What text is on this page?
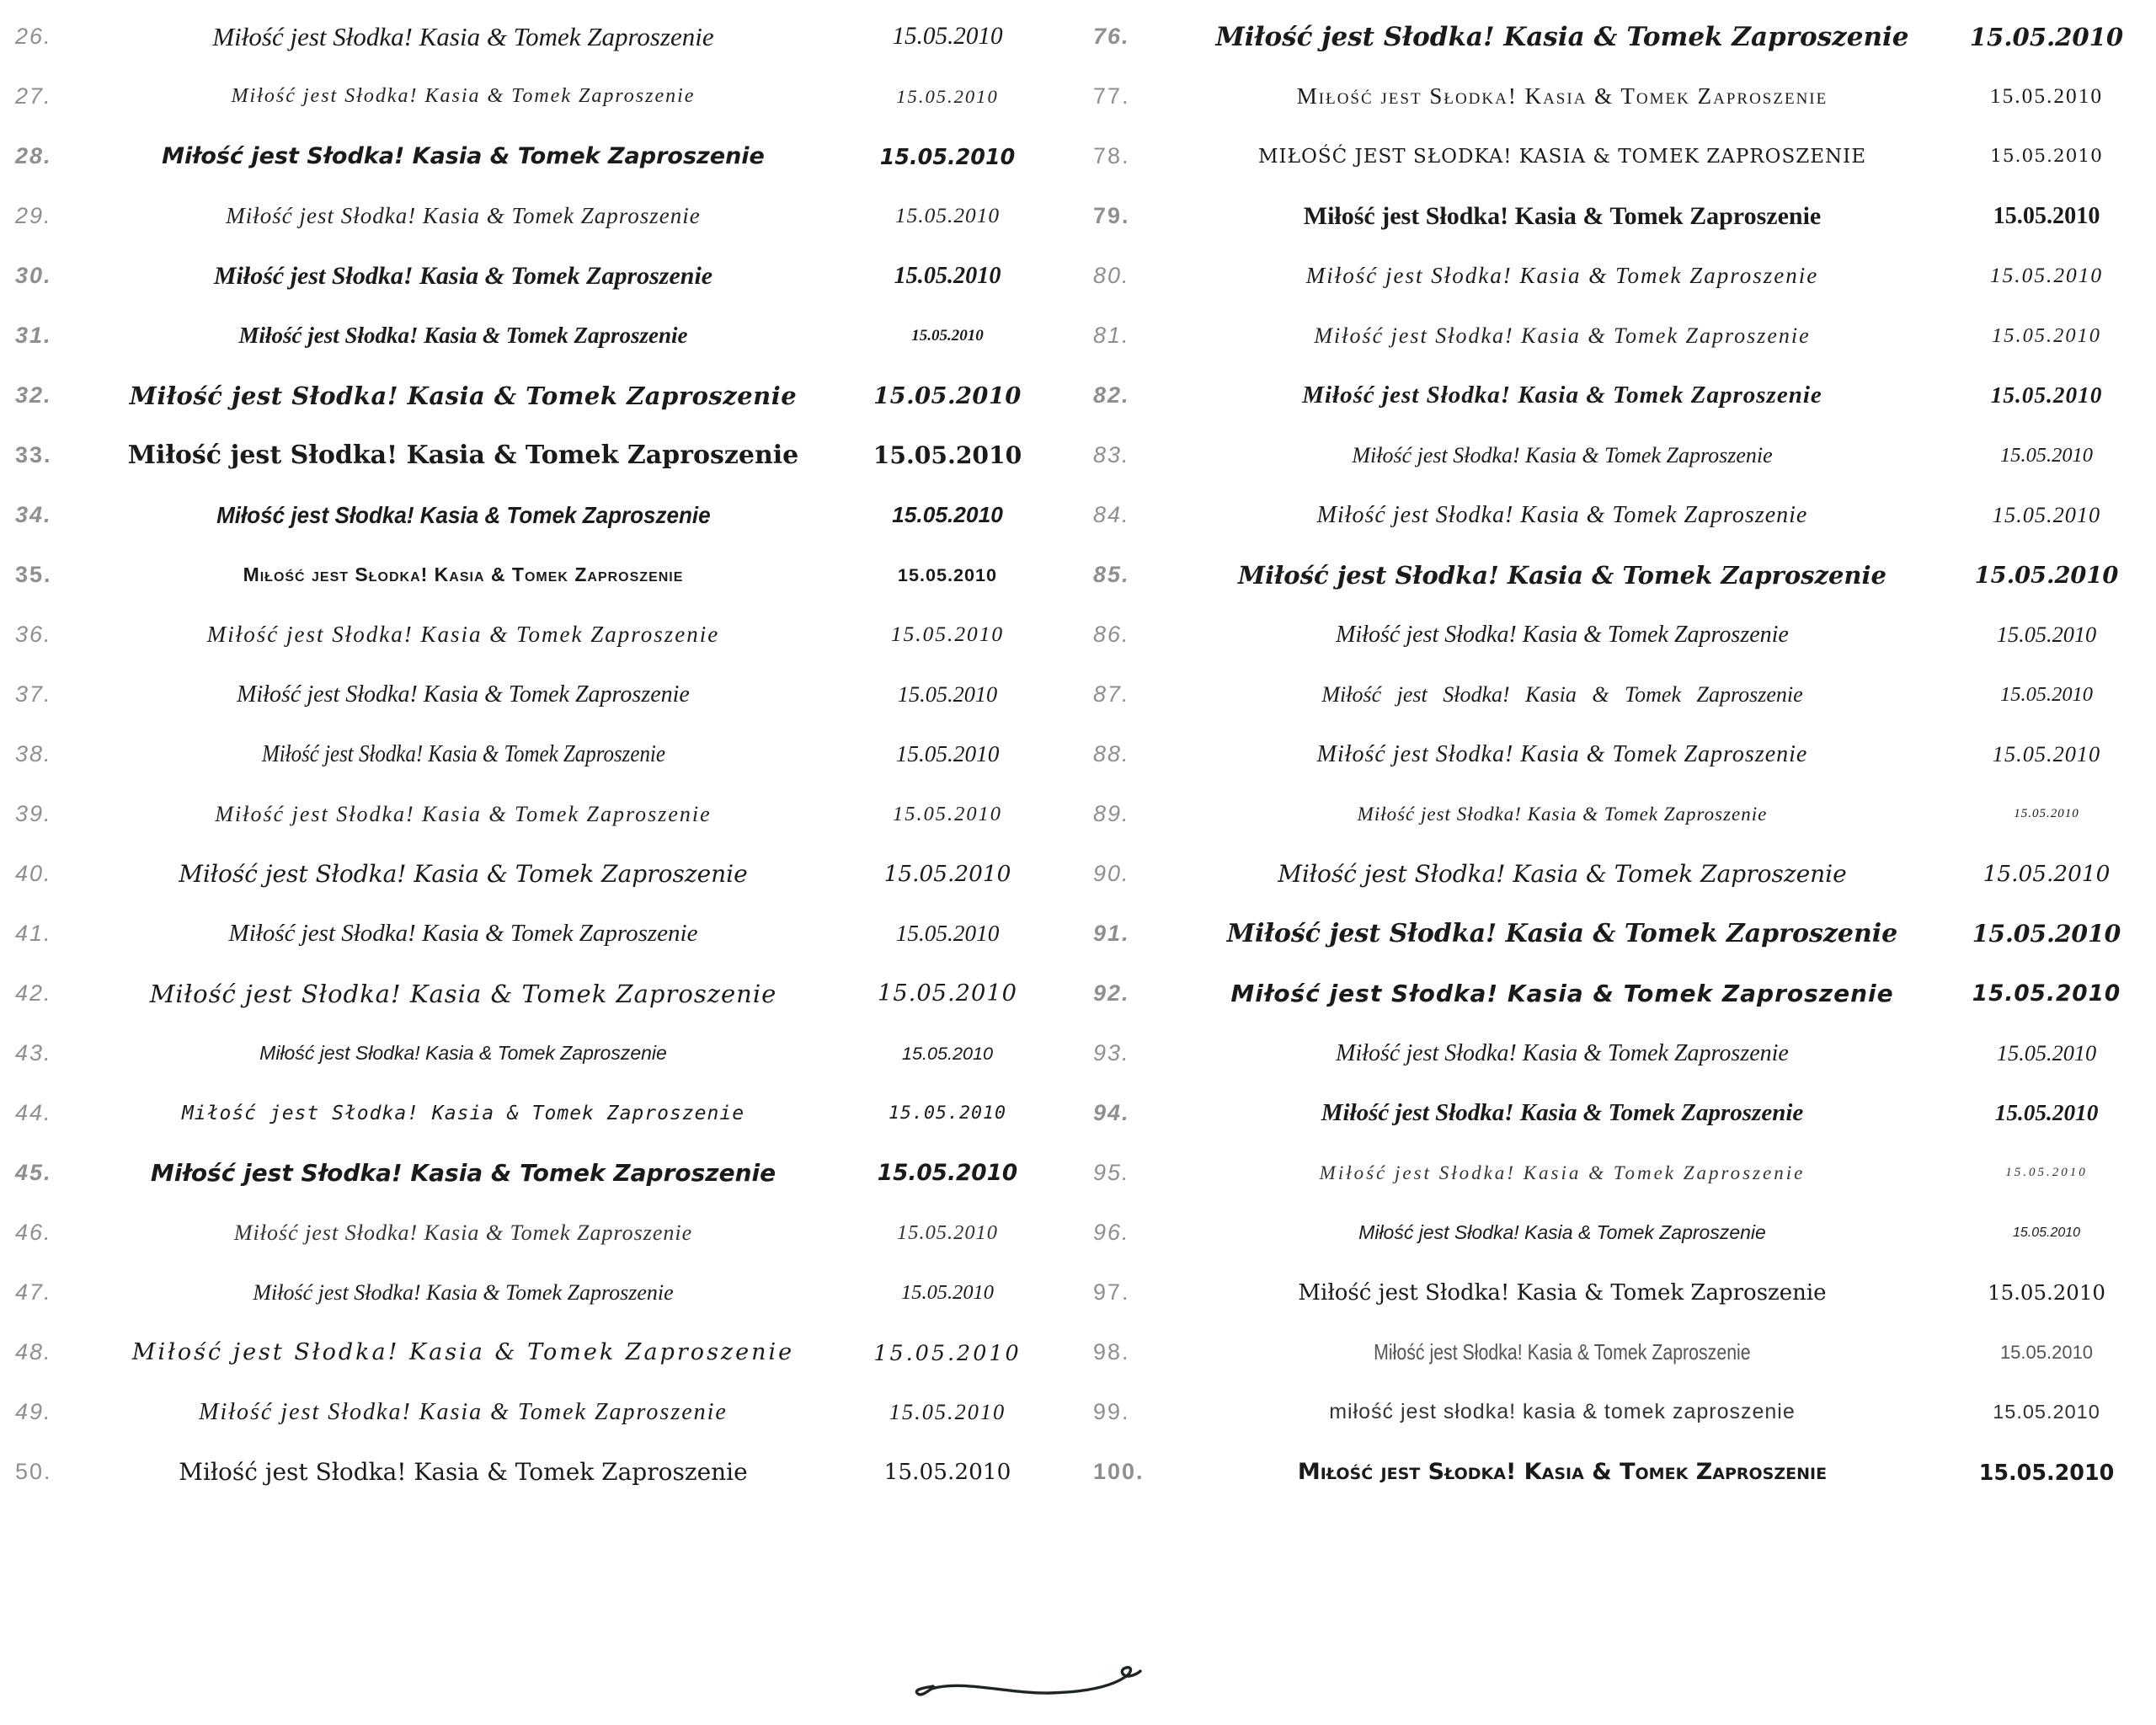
26.	Miłość jest Słodka! Kasia & Tomek Zaproszenie	15.05.2010
27.	Miłość jest Słodka! Kasia & Tomek Zaproszenie	15.05.2010
28.	Miłość jest Słodka! Kasia & Tomek Zaproszenie	15.05.2010
29.	Miłość jest Słodka! Kasia & Tomek Zaproszenie	15.05.2010
30.	Miłość jest Słodka! Kasia & Tomek Zaproszenie	15.05.2010
31.	Miłość jest Słodka! Kasia & Tomek Zaproszenie	15.05.2010
32.	Miłość jest Słodka! Kasia & Tomek Zaproszenie	15.05.2010
33.	Miłość jest Słodka! Kasia & Tomek Zaproszenie	15.05.2010
34.	Miłość jest Słodka! Kasia & Tomek Zaproszenie	15.05.2010
35.	Miłość jest Słodka! Kasia & Tomek Zaproszenie	15.05.2010
36.	Miłość jest Słodka! Kasia & Tomek Zaproszenie	15.05.2010
37.	Miłość jest Słodka! Kasia & Tomek Zaproszenie	15.05.2010
38.	Miłość jest Słodka! Kasia & Tomek Zaproszenie	15.05.2010
39.	Miłość jest Słodka! Kasia & Tomek Zaproszenie	15.05.2010
40.	Miłość jest Słodka! Kasia & Tomek Zaproszenie	15.05.2010
41.	Miłość jest Słodka! Kasia & Tomek Zaproszenie	15.05.2010
42.	Miłość jest Słodka! Kasia & Tomek Zaproszenie	15.05.2010
43.	Miłość jest Słodka! Kasia & Tomek Zaproszenie	15.05.2010
44.	Miłość jest Słodka! Kasia & Tomek Zaproszenie	15.05.2010
45.	Miłość jest Słodka! Kasia & Tomek Zaproszenie	15.05.2010
46.	Miłość jest Słodka! Kasia & Tomek Zaproszenie	15.05.2010
47.	Miłość jest Słodka! Kasia & Tomek Zaproszenie	15.05.2010
48.	Miłość jest Słodka! Kasia & Tomek Zaproszenie	15.05.2010
49.	Miłość jest Słodka! Kasia & Tomek Zaproszenie	15.05.2010
50.	Miłość jest Słodka! Kasia & Tomek Zaproszenie	15.05.2010
76.	Miłość jest Słodka! Kasia & Tomek Zaproszenie	15.05.2010
77.	Miłość jest Słodka! Kasia & Tomek Zaproszenie	15.05.2010
78.	MIŁOŚĆ JEST SŁODKA! KASIA & TOMEK ZAPROSZENIE	15.05.2010
79.	Miłość jest Słodka! Kasia & Tomek Zaproszenie	15.05.2010
80.	Miłość jest Słodka! Kasia & Tomek Zaproszenie	15.05.2010
81.	Miłość jest Słodka! Kasia & Tomek Zaproszenie	15.05.2010
82.	Miłość jest Słodka! Kasia & Tomek Zaproszenie	15.05.2010
83.	Miłość jest Słodka! Kasia & Tomek Zaproszenie	15.05.2010
84.	Miłość jest Słodka! Kasia & Tomek Zaproszenie	15.05.2010
85.	Miłość jest Słodka! Kasia & Tomek Zaproszenie	15.05.2010
86.	Miłość jest Słodka! Kasia & Tomek Zaproszenie	15.05.2010
87.	Miłość jest Słodka! Kasia & Tomek Zaproszenie	15.05.2010
88.	Miłość jest Słodka! Kasia & Tomek Zaproszenie	15.05.2010
89.	Miłość jest Słodka! Kasia & Tomek Zaproszenie	15.05.2010
90.	Miłość jest Słodka! Kasia & Tomek Zaproszenie	15.05.2010
91.	Miłość jest Słodka! Kasia & Tomek Zaproszenie	15.05.2010
92.	Miłość jest Słodka! Kasia & Tomek Zaproszenie	15.05.2010
93.	Miłość jest Słodka! Kasia & Tomek Zaproszenie	15.05.2010
94.	Miłość jest Słodka! Kasia & Tomek Zaproszenie	15.05.2010
95.	Miłość jest Słodka! Kasia & Tomek Zaproszenie	15.05.2010
96.	Miłość jest Słodka! Kasia & Tomek Zaproszenie	15.05.2010
97.	Miłość jest Słodka! Kasia & Tomek Zaproszenie	15.05.2010
98.	Miłość jest Słodka! Kasia & Tomek Zaproszenie	15.05.2010
99.	miłość jest słodka! kasia & tomek zaproszenie	15.05.2010
100.	Miłość jest Słodka! Kasia & Tomek Zaproszenie	15.05.2010
